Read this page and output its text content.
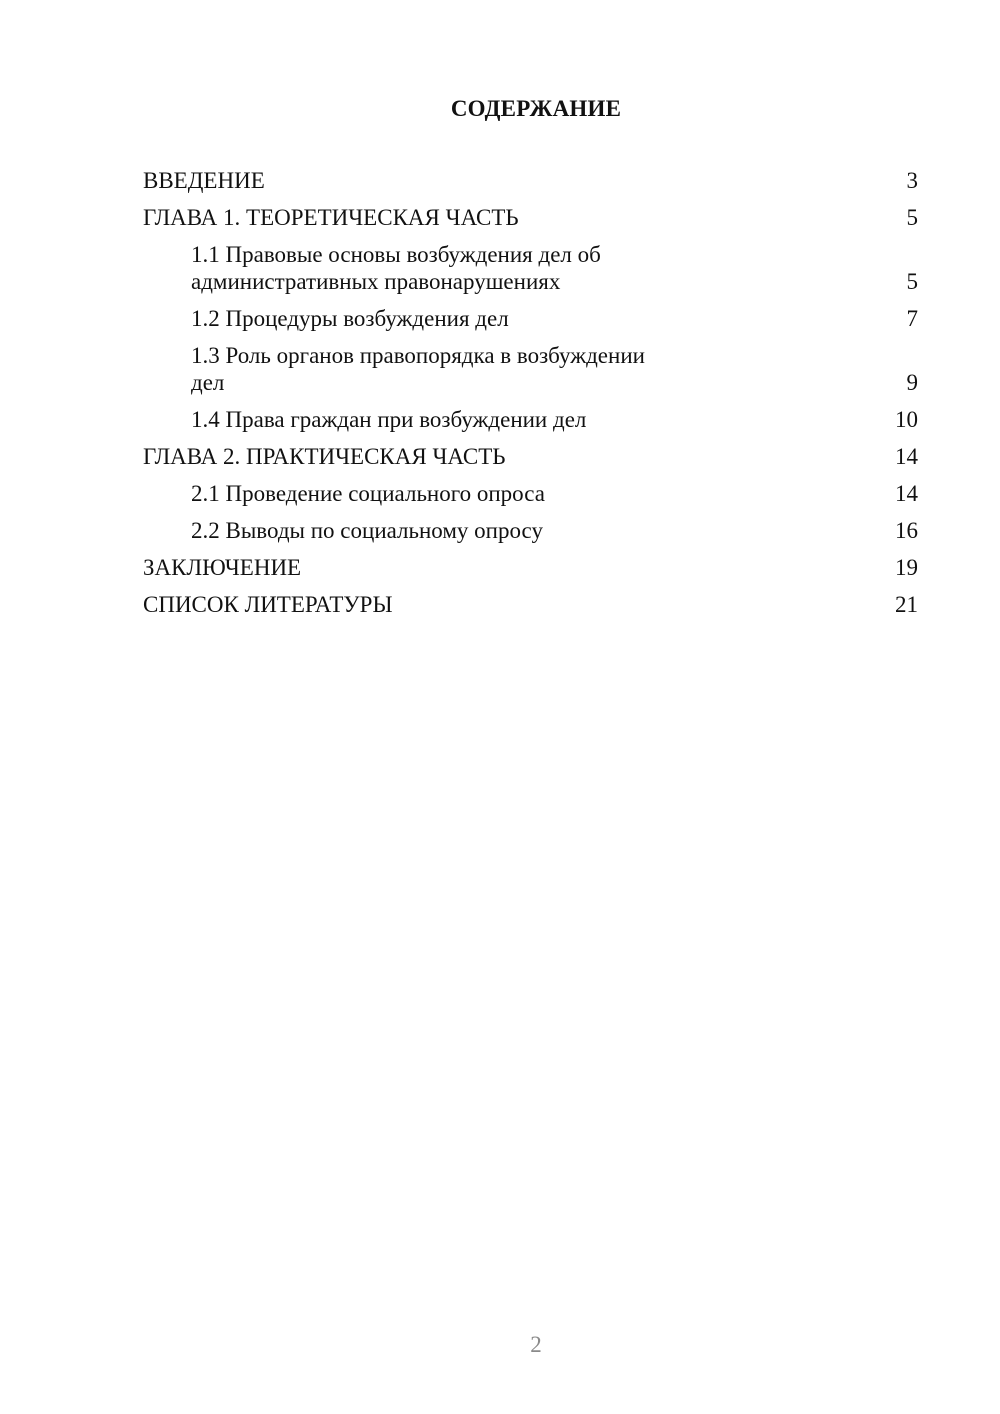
СОДЕРЖАНИЕ
ВВЕДЕНИЕ	3
ГЛАВА 1. ТЕОРЕТИЧЕСКАЯ ЧАСТЬ	5
1.1 Правовые основы возбуждения дел об административных правонарушениях	5
1.2 Процедуры возбуждения дел	7
1.3 Роль органов правопорядка в возбуждении дел	9
1.4 Права граждан при возбуждении дел	10
ГЛАВА 2. ПРАКТИЧЕСКАЯ ЧАСТЬ	14
2.1 Проведение социального опроса	14
2.2 Выводы по социальному опросу	16
ЗАКЛЮЧЕНИЕ	19
СПИСОК ЛИТЕРАТУРЫ	21
2
